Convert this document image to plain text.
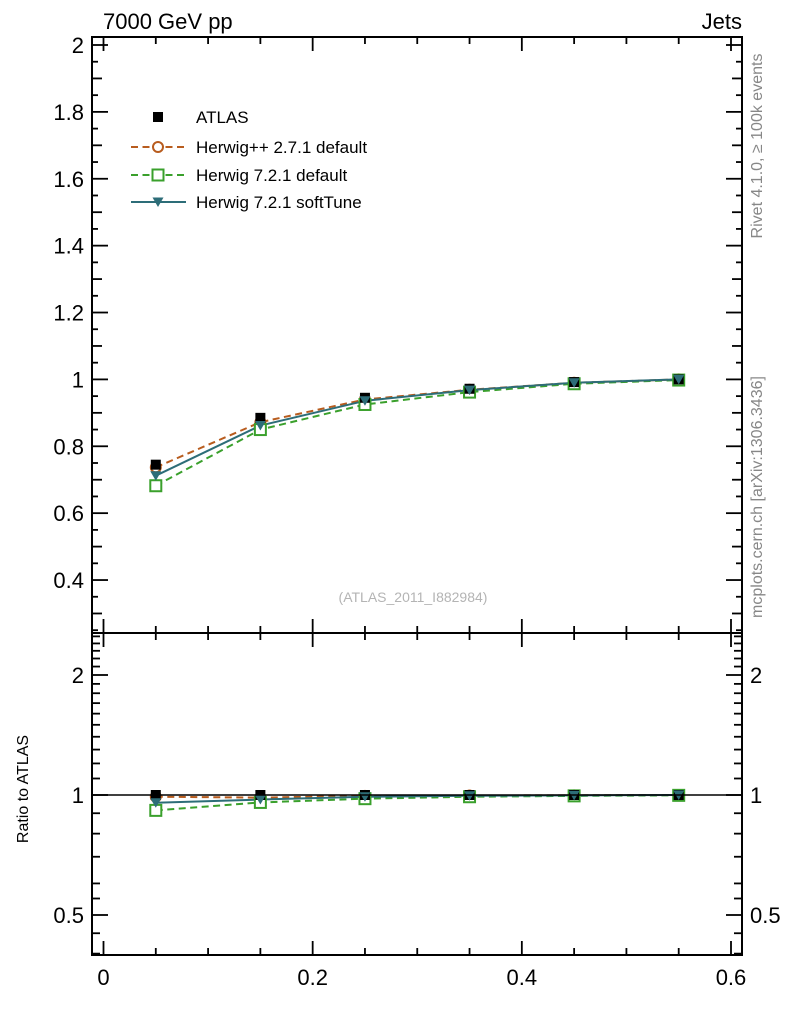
0	0.2	0.4	0.6
0.4
0.6
0.8
1
1.2
1.4
1.6
1.8
2
0.5	0.5
1	1
2	2
ATLAS
Herwig++ 2.7.1 default
Herwig 7.2.1 default
Herwig 7.2.1 softTune
7000 GeV pp	Jets
(ATLAS_2011_I882984)
Rivet 4.1.0, ≥ 100k events
mcplots.cern.ch [arXiv:1306.3436]
Ratio to ATLAS
